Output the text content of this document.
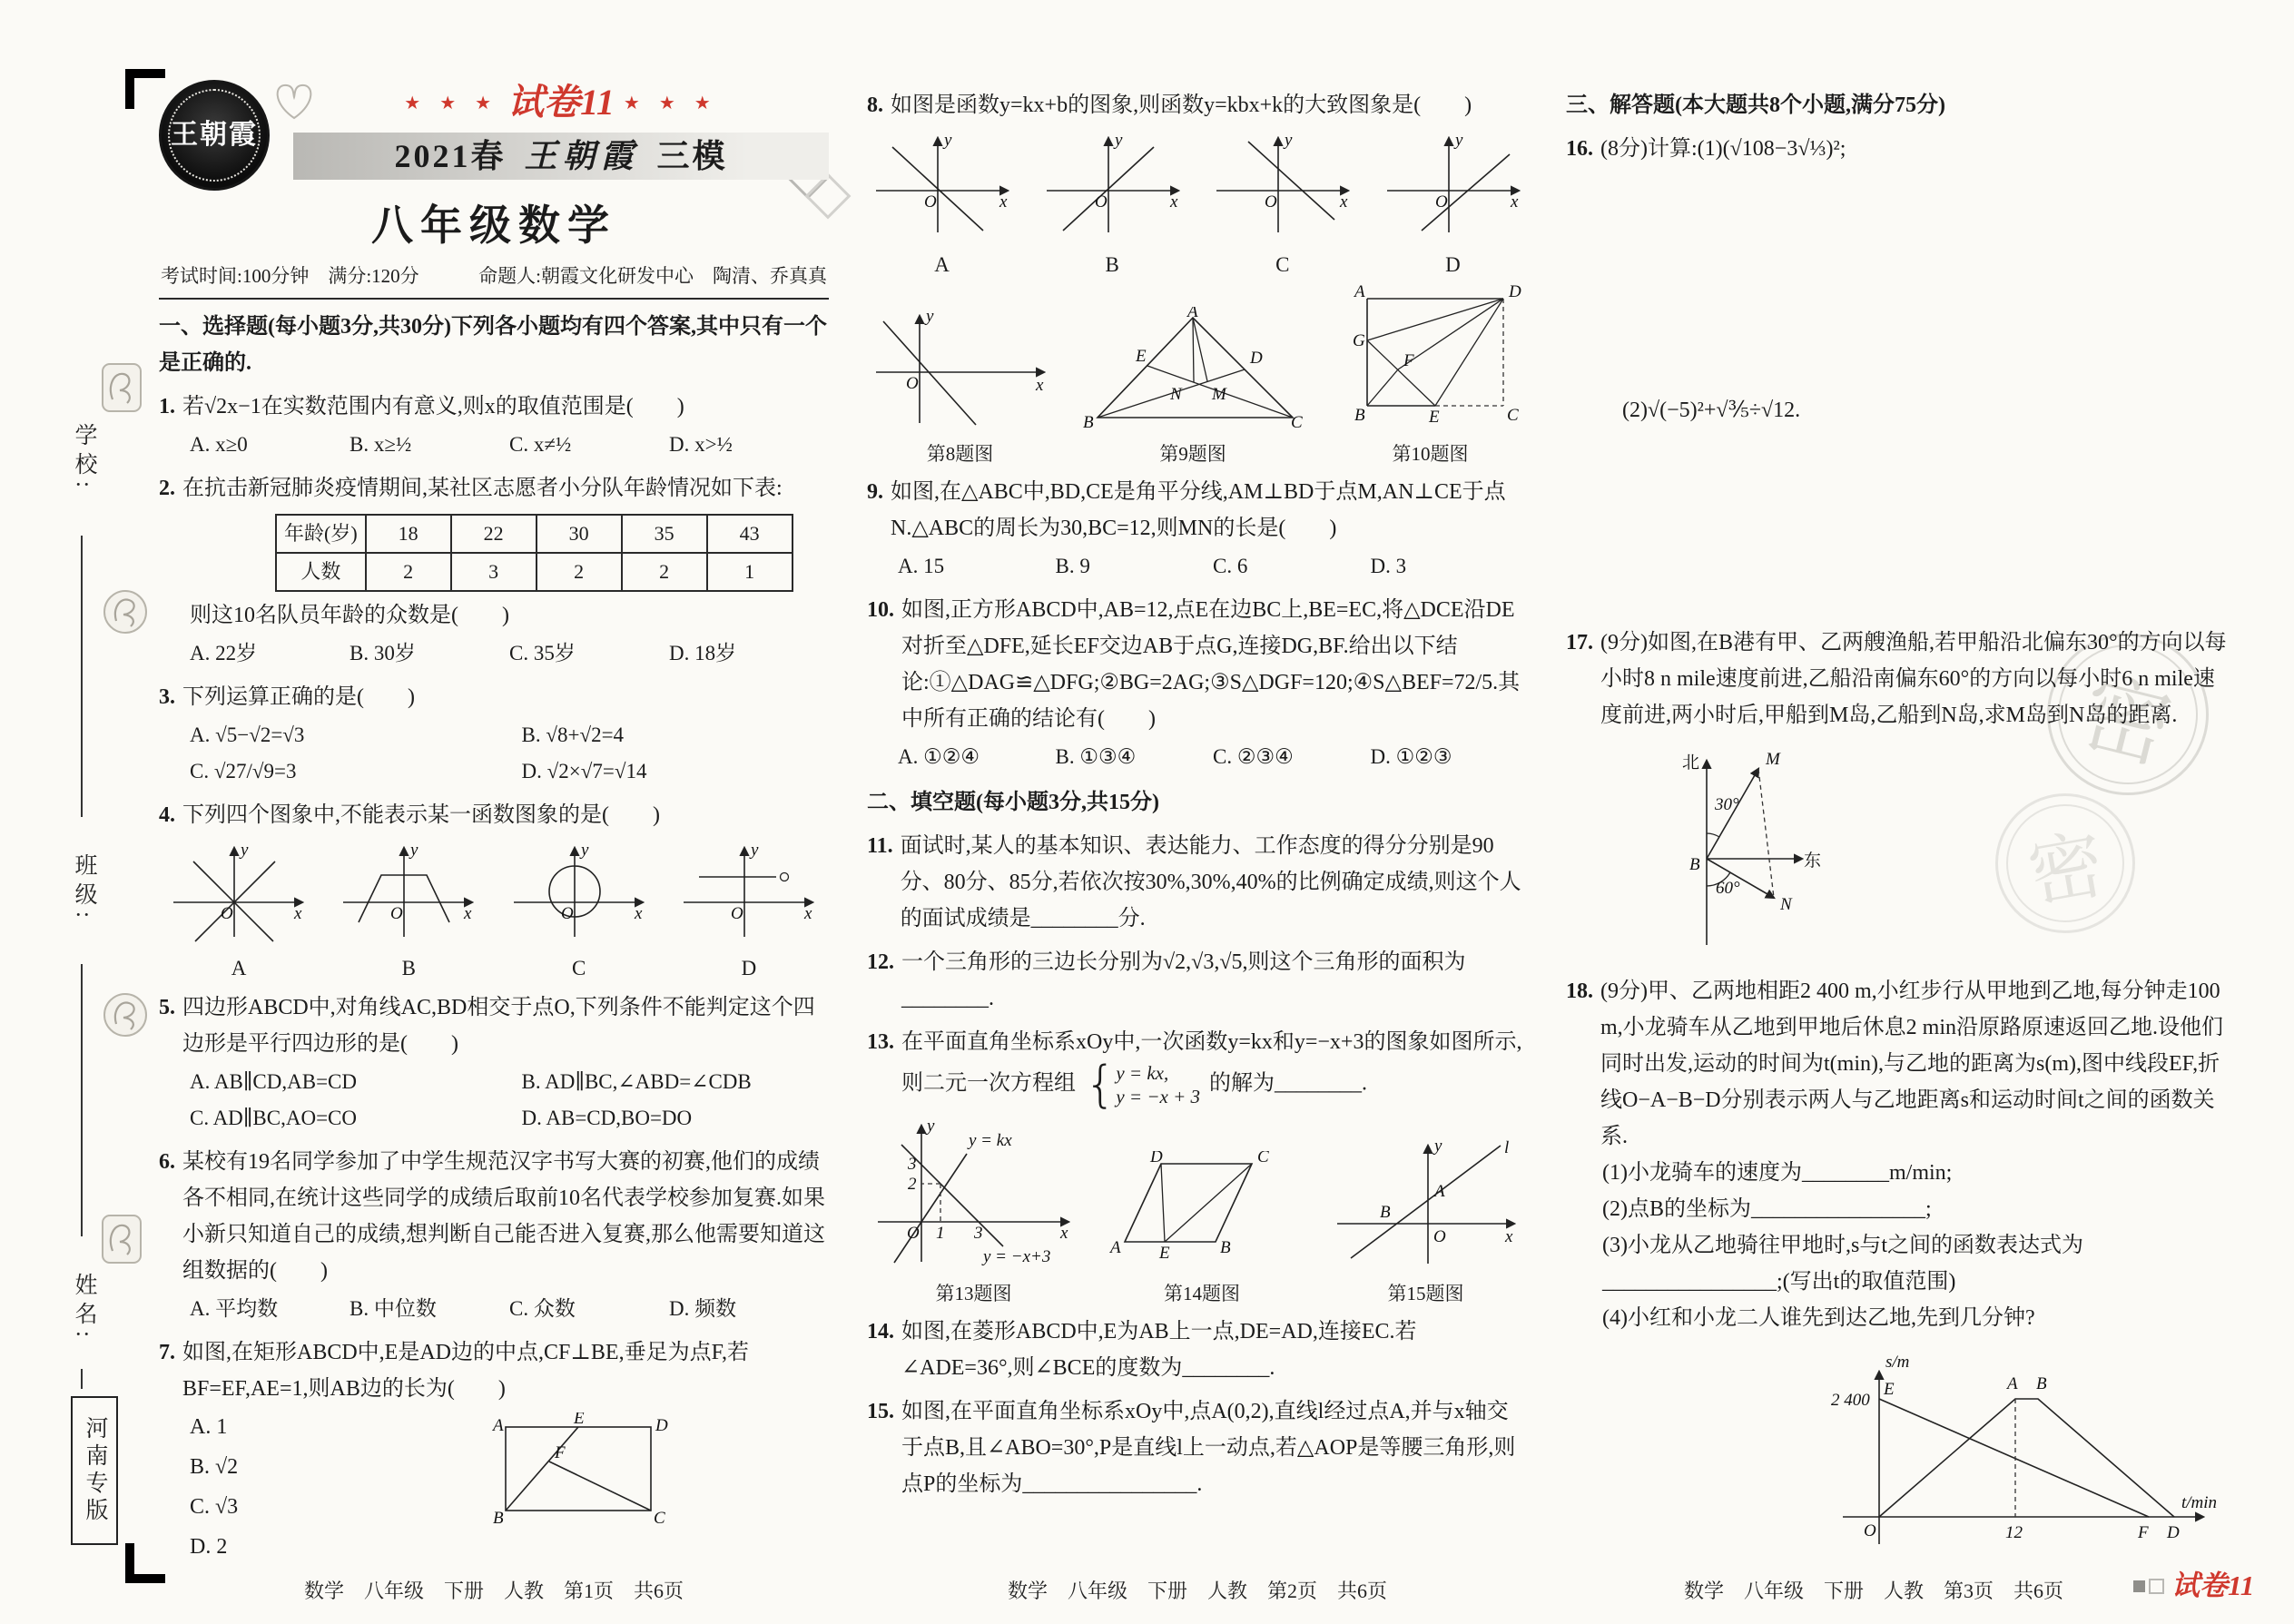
学校:
班级:
姓名:
河南专版
密
密
王朝霞
★ ★ ★ 试卷11 ★ ★ ★
2021春 王朝霞 三模
八年级数学
考试时间:100分钟　满分:120分	命题人:朝霞文化研发中心　陶清、乔真真
一、选择题(每小题3分,共30分)下列各小题均有四个答案,其中只有一个是正确的.
1. 若√2x−1在实数范围内有意义,则x的取值范围是(　　)
A. x≥0	B. x≥½	C. x≠½	D. x>½
2. 在抗击新冠肺炎疫情期间,某社区志愿者小分队年龄情况如下表:
年龄(岁)	18	22	30	35	43
人数	2	3	2	2	1
则这10名队员年龄的众数是(　　)
A. 22岁	B. 30岁	C. 35岁	D. 18岁
3. 下列运算正确的是(　　)
A. √5−√2=√3	B. √8+√2=4
C. √27/√9=3	D. √2×√7=√14
4. 下列四个图象中,不能表示某一函数图象的是(　　)
y
x
O
A
y
x
O
B
y
x
O
C
y
x
O
D
5. 四边形ABCD中,对角线AC,BD相交于点O,下列条件不能判定这个四边形是平行四边形的是(　　)
A. AB∥CD,AB=CD	B. AD∥BC,∠ABD=∠CDB
C. AD∥BC,AO=CO	D. AB=CD,BO=DO
6. 某校有19名同学参加了中学生规范汉字书写大赛的初赛,他们的成绩各不相同,在统计这些同学的成绩后取前10名代表学校参加复赛.如果小新只知道自己的成绩,想判断自己能否进入复赛,那么他需要知道这组数据的(　　)
A. 平均数	B. 中位数	C. 众数	D. 频数
7. 如图,在矩形ABCD中,E是AD边的中点,CF⊥BE,垂足为点F,若BF=EF,AE=1,则AB边的长为(　　)
A. 1
B. √2
C. √3
D. 2
A	E	D
F
B	C
8. 如图是函数y=kx+b的图象,则函数y=kbx+k的大致图象是(　　)
y
x
O
A
y
x
O
B
y
x
O
C
y
x
O
D
y
x
O
第8题图
A
E	D
N M
B	C
第9题图
A	D
G
F
B	E	C
第10题图
9. 如图,在△ABC中,BD,CE是角平分线,AM⊥BD于点M,AN⊥CE于点N.△ABC的周长为30,BC=12,则MN的长是(　　)
A. 15	B. 9	C. 6	D. 3
10. 如图,正方形ABCD中,AB=12,点E在边BC上,BE=EC,将△DCE沿DE对折至△DFE,延长EF交边AB于点G,连接DG,BF.给出以下结论:①△DAG≌△DFG;②BG=2AG;③S△DGF=120;④S△BEF=72/5.其中所有正确的结论有(　　)
A. ①②④	B. ①③④	C. ②③④	D. ①②③
二、填空题(每小题3分,共15分)
11. 面试时,某人的基本知识、表达能力、工作态度的得分分别是90分、80分、85分,若依次按30%,30%,40%的比例确定成绩,则这个人的面试成绩是________分.
12. 一个三角形的三边长分别为√2,√3,√5,则这个三角形的面积为________.
13. 在平面直角坐标系xOy中,一次函数y=kx和y=−x+3的图象如图所示,则二元一次方程组 { y = kx,
y = −x + 3
的解为________.
y = kx
y = −x+3
3
2
1 3
y
x
O
第13题图
D	C
A E	B
第14题图
l
A
B
O	x
y
第15题图
14. 如图,在菱形ABCD中,E为AB上一点,DE=AD,连接EC.若∠ADE=36°,则∠BCE的度数为________.
15. 如图,在平面直角坐标系xOy中,点A(0,2),直线l经过点A,并与x轴交于点B,且∠ABO=30°,P是直线l上一动点,若△AOP是等腰三角形,则点P的坐标为________________.
三、解答题(本大题共8个小题,满分75分)
16. (8分)计算:(1)(√108−3√⅓)²;
(2)√(−5)²+√⅗÷√12.
17. (9分)如图,在B港有甲、乙两艘渔船,若甲船沿北偏东30°的方向以每小时8 n mile速度前进,乙船沿南偏东60°的方向以每小时6 n mile速度前进,两小时后,甲船到M岛,乙船到N岛,求M岛到N岛的距离.
北	M
30°
B
60°
东
N
18. (9分)甲、乙两地相距2 400 m,小红步行从甲地到乙地,每分钟走100 m,小龙骑车从乙地到甲地后休息2 min沿原路原速返回乙地.设他们同时出发,运动的时间为t(min),与乙地的距离为s(m),图中线段EF,折线O−A−B−D分别表示两人与乙地距离s和运动时间t之间的函数关系.
(1)小龙骑车的速度为________m/min;
(2)点B的坐标为________________;
(3)小龙从乙地骑往甲地时,s与t之间的函数表达式为________________;(写出t的取值范围)
(4)小红和小龙二人谁先到达乙地,先到几分钟?
s/m
2 400
E	A B
O	12	F D
t/min
数学　八年级　下册　人教　第1页　共6页	数学　八年级　下册　人教　第2页　共6页	数学　八年级　下册　人教　第3页　共6页	试卷11
